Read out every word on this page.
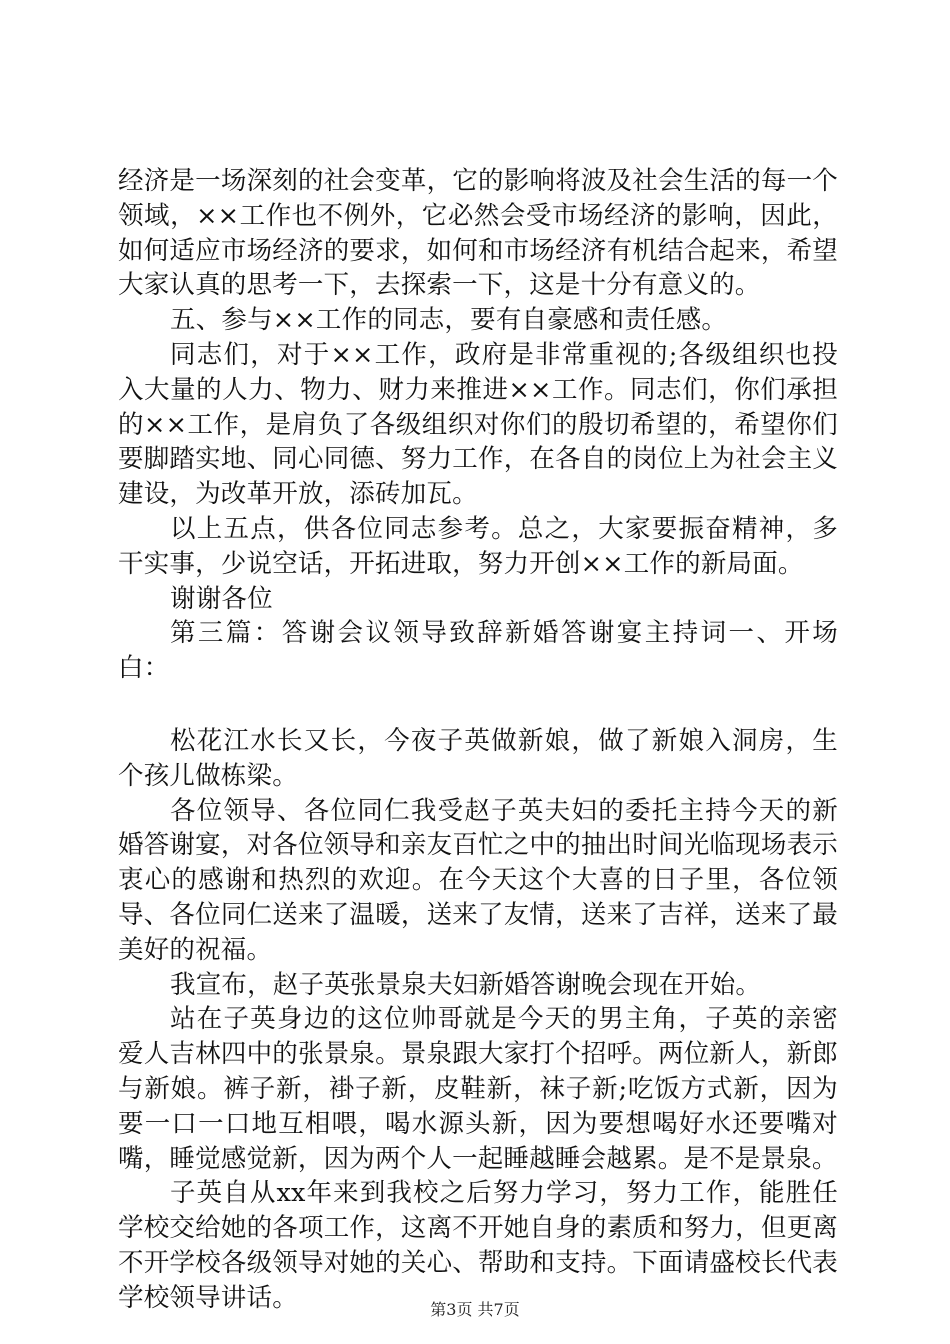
经济是一场深刻的社会变革，它的影响将波及社会生活的每一个领域，××工作也不例外，它必然会受市场经济的影响，因此，如何适应市场经济的要求，如何和市场经济有机结合起来，希望大家认真的思考一下，去探索一下，这是十分有意义的。

五、参与××工作的同志，要有自豪感和责任感。

同志们，对于××工作，政府是非常重视的;各级组织也投入大量的人力、物力、财力来推进××工作。同志们，你们承担的××工作，是肩负了各级组织对你们的殷切希望的，希望你们要脚踏实地、同心同德、努力工作，在各自的岗位上为社会主义建设，为改革开放，添砖加瓦。

以上五点，供各位同志参考。总之，大家要振奋精神，多干实事，少说空话，开拓进取，努力开创××工作的新局面。

谢谢各位

第三篇：答谢会议领导致辞新婚答谢宴主持词一、开场白：

松花江水长又长，今夜子英做新娘，做了新娘入洞房，生个孩儿做栋梁。

各位领导、各位同仁我受赵子英夫妇的委托主持今天的新婚答谢宴，对各位领导和亲友百忙之中的抽出时间光临现场表示衷心的感谢和热烈的欢迎。在今天这个大喜的日子里，各位领导、各位同仁送来了温暖，送来了友情，送来了吉祥，送来了最美好的祝福。

我宣布，赵子英张景泉夫妇新婚答谢晚会现在开始。

站在子英身边的这位帅哥就是今天的男主角，子英的亲密爱人吉林四中的张景泉。景泉跟大家打个招呼。两位新人，新郎与新娘。裤子新，褂子新，皮鞋新，袜子新;吃饭方式新，因为要一口一口地互相喂，喝水源头新，因为要想喝好水还要嘴对嘴，睡觉感觉新，因为两个人一起睡越睡会越累。是不是景泉。

子英自从xx年来到我校之后努力学习，努力工作，能胜任学校交给她的各项工作，这离不开她自身的素质和努力，但更离不开学校各级领导对她的关心、帮助和支持。下面请盛校长代表学校领导讲话。	第3页 共7页
